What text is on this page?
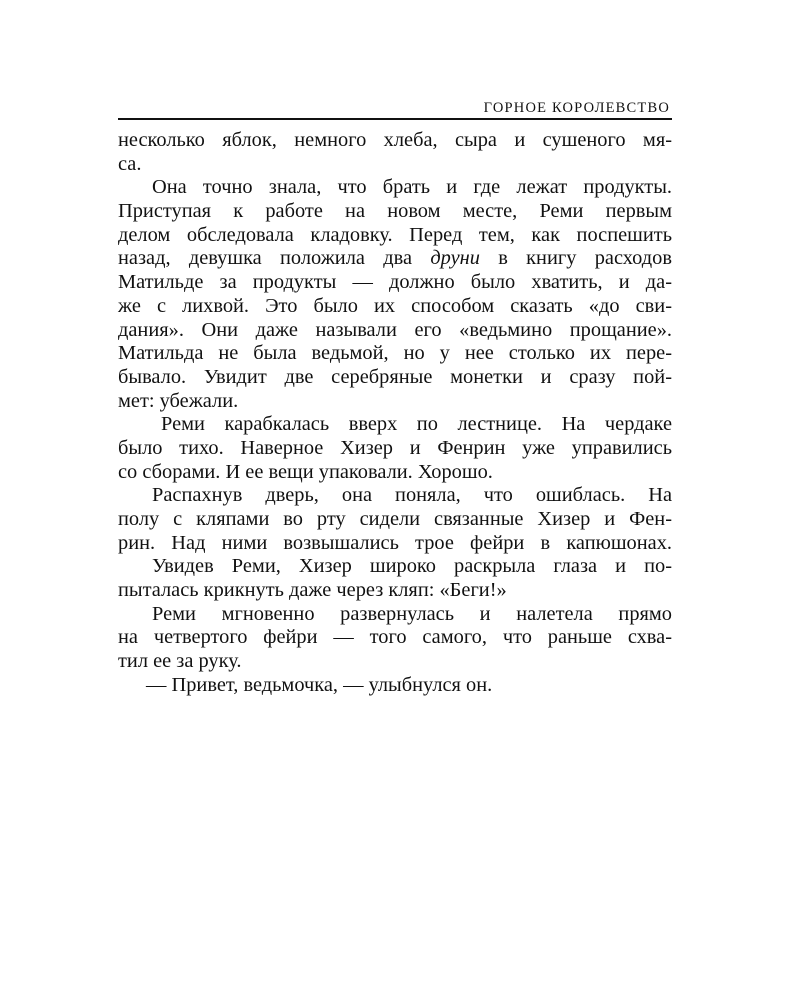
ГОРНОЕ КОРОЛЕВСТВО
несколько яблок, немного хлеба, сыра и сушеного мя-
са.
Она точно знала, что брать и где лежат продукты.
Приступая к работе на новом месте, Реми первым
делом обследовала кладовку. Перед тем, как поспешить
назад, девушка положила два друни в книгу расходов
Матильде за продукты — должно было хватить, и да-
же с лихвой. Это было их способом сказать «до сви-
дания». Они даже называли его «ведьмино прощание».
Матильда не была ведьмой, но у нее столько их пере-
бывало. Увидит две серебряные монетки и сразу пой-
мет: убежали.
Реми карабкалась вверх по лестнице. На чердаке
было тихо. Наверное Хизер и Фенрин уже управились
со сборами. И ее вещи упаковали. Хорошо.
Распахнув дверь, она поняла, что ошиблась. На
полу с кляпами во рту сидели связанные Хизер и Фен-
рин. Над ними возвышались трое фейри в капюшонах.
Увидев Реми, Хизер широко раскрыла глаза и по-
пыталась крикнуть даже через кляп: «Беги!»
Реми мгновенно развернулась и налетела прямо
на четвертого фейри — того самого, что раньше схва-
тил ее за руку.
— Привет, ведьмочка, — улыбнулся он.
